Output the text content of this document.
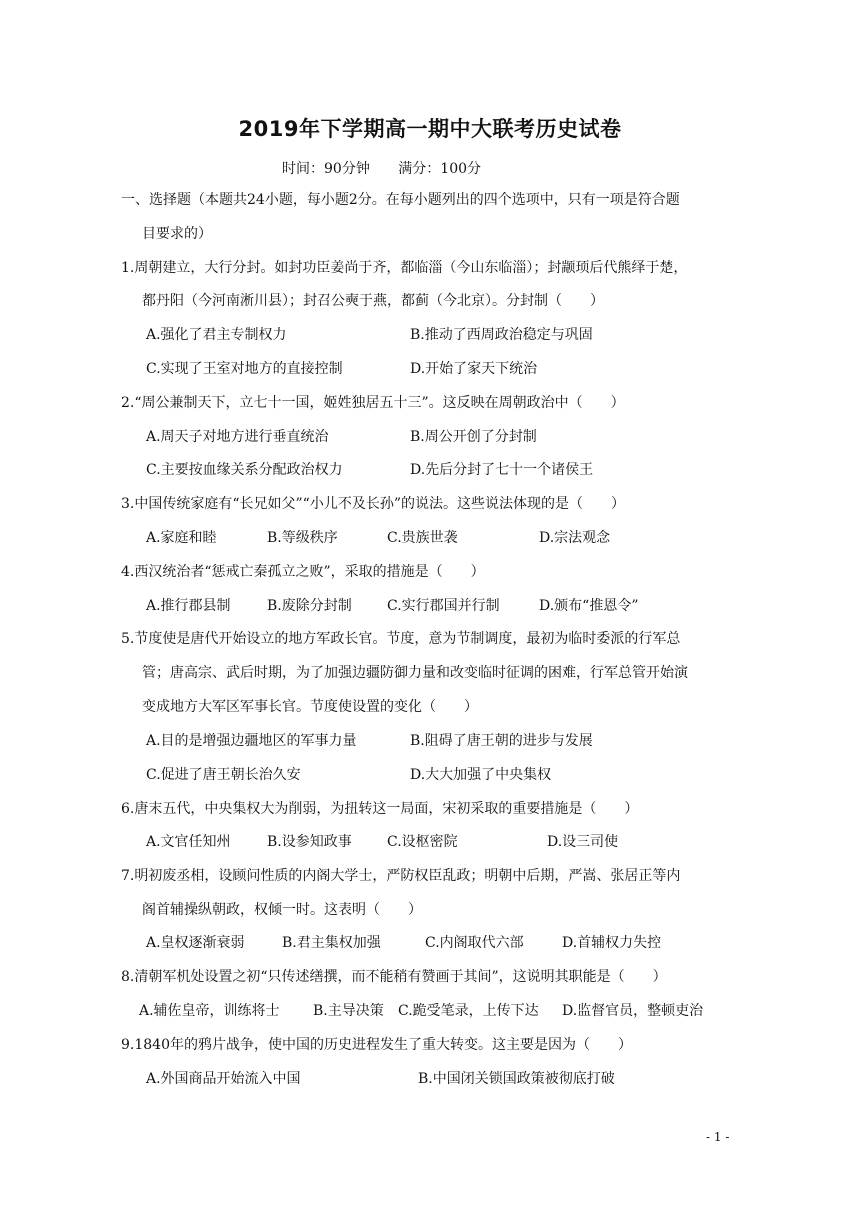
2019年下学期高一期中大联考历史试卷
时间：90分钟 满分：100分
一、选择题（本题共24小题，每小题2分。在每小题列出的四个选项中，只有一项是符合题
目要求的）
1.周朝建立，大行分封。如封功臣姜尚于齐，都临淄（今山东临淄）；封颛顼后代熊绎于楚，
都丹阳（今河南淅川县）；封召公奭于燕，都蓟（今北京）。分封制（　　）
A.强化了君主专制权力	B.推动了西周政治稳定与巩固
C.实现了王室对地方的直接控制	D.开始了家天下统治
2.“周公兼制天下，立七十一国，姬姓独居五十三”。这反映在周朝政治中（　　）
A.周天子对地方进行垂直统治	B.周公开创了分封制
C.主要按血缘关系分配政治权力	D.先后分封了七十一个诸侯王
3.中国传统家庭有“长兄如父”“小儿不及长孙”的说法。这些说法体现的是（　　）
A.家庭和睦	B.等级秩序	C.贵族世袭	D.宗法观念
4.西汉统治者“惩戒亡秦孤立之败”，采取的措施是（　　）
A.推行郡县制	B.废除分封制	C.实行郡国并行制	D.颁布“推恩令”
5.节度使是唐代开始设立的地方军政长官。节度，意为节制调度，最初为临时委派的行军总
管；唐高宗、武后时期，为了加强边疆防御力量和改变临时征调的困难，行军总管开始演
变成地方大军区军事长官。节度使设置的变化（　　）
A.目的是增强边疆地区的军事力量	B.阻碍了唐王朝的进步与发展
C.促进了唐王朝长治久安	D.大大加强了中央集权
6.唐末五代，中央集权大为削弱，为扭转这一局面，宋初采取的重要措施是（　　）
A.文官任知州	B.设参知政事	C.设枢密院	D.设三司使
7.明初废丞相，设顾问性质的内阁大学士，严防权臣乱政；明朝中后期，严嵩、张居正等内
阁首辅操纵朝政，权倾一时。这表明（　　）
A.皇权逐渐衰弱	B.君主集权加强	C.内阁取代六部	D.首辅权力失控
8.清朝军机处设置之初“只传述缮撰，而不能稍有赞画于其间”，这说明其职能是（　　）
A.辅佐皇帝，训练将士 B.主导决策 C.跪受笔录，上传下达 D.监督官员，整顿吏治
9.1840年的鸦片战争，使中国的历史进程发生了重大转变。这主要是因为（　　）
A.外国商品开始流入中国	B.中国闭关锁国政策被彻底打破
- 1 -
